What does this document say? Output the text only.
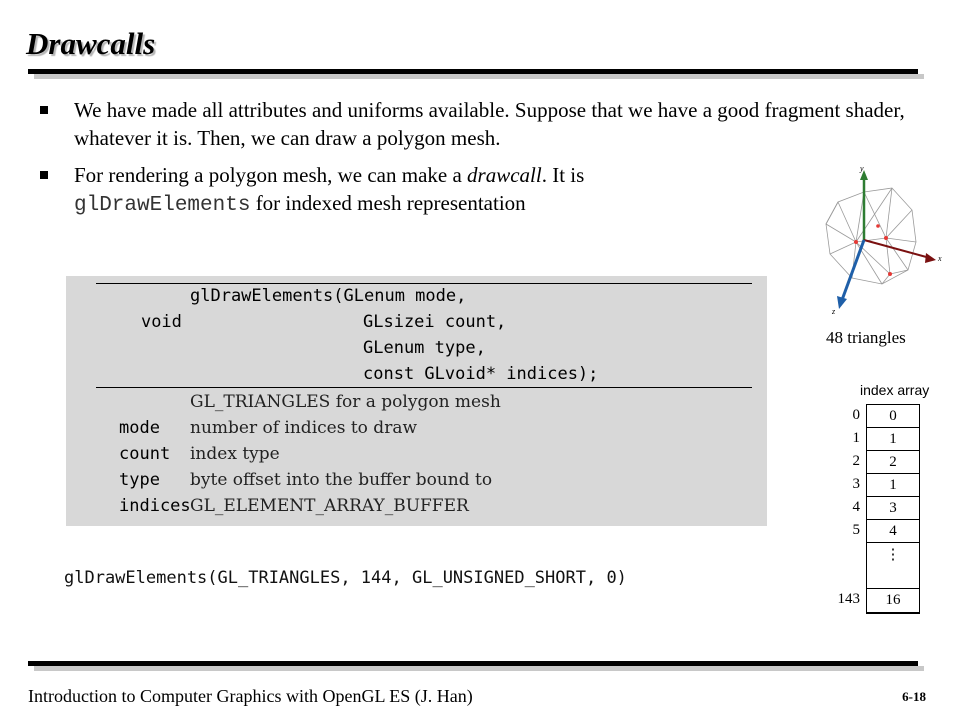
Drawcalls
We have made all attributes and uniforms available. Suppose that we have a good fragment shader, whatever it is. Then, we can draw a polygon mesh.
For rendering a polygon mesh, we can make a drawcall. It is
glDrawElements for indexed mesh representation

void

glDrawElements(GLenum mode,

GLsizei count,

GLenum type,

const GLvoid* indices);

mode

GL_TRIANGLES for a polygon mesh

count

number of indices to draw

type

index type

indices

byte offset into the buffer bound to

GL_ELEMENT_ARRAY_BUFFER

glDrawElements(GL_TRIANGLES, 144, GL_UNSIGNED_SHORT, 0)
y
x
z
48 triangles
index array
0
1
2
3
4
5
143
0
1
2
1
3
4
⋮
16
Introduction to Computer Graphics with OpenGL ES (J. Han)	6-18
